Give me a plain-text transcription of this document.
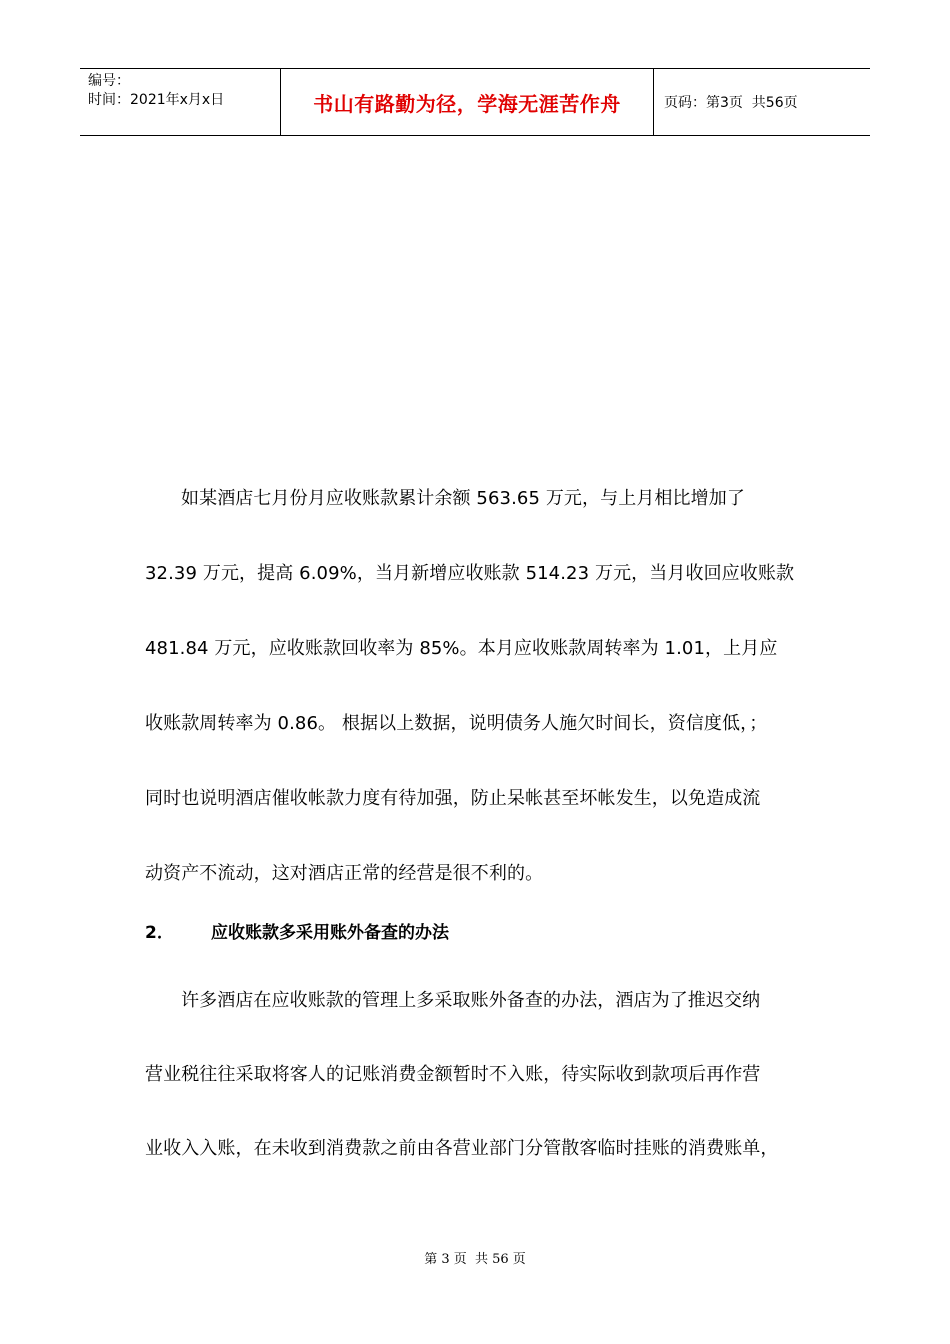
编号：
时间：2021年x月x日	书山有路勤为径，学海无涯苦作舟	页码：第3页  共56页
如某酒店七月份月应收账款累计余额 563.65 万元，与上月相比增加了
32.39 万元，提高 6.09%，当月新增应收账款 514.23 万元，当月收回应收账款
481.84 万元，应收账款回收率为 85%。本月应收账款周转率为 1.01，上月应
收账款周转率为 0.86。 根据以上数据，说明债务人施欠时间长，资信度低，；
同时也说明酒店催收帐款力度有待加强，防止呆帐甚至坏帐发生，以免造成流
动资产不流动，这对酒店正常的经营是很不利的。
2． 应收账款多采用账外备查的办法
许多酒店在应收账款的管理上多采取账外备查的办法，酒店为了推迟交纳
营业税往往采取将客人的记账消费金额暂时不入账，待实际收到款项后再作营
业收入入账，在未收到消费款之前由各营业部门分管散客临时挂账的消费账单，
第 3 页  共 56 页
